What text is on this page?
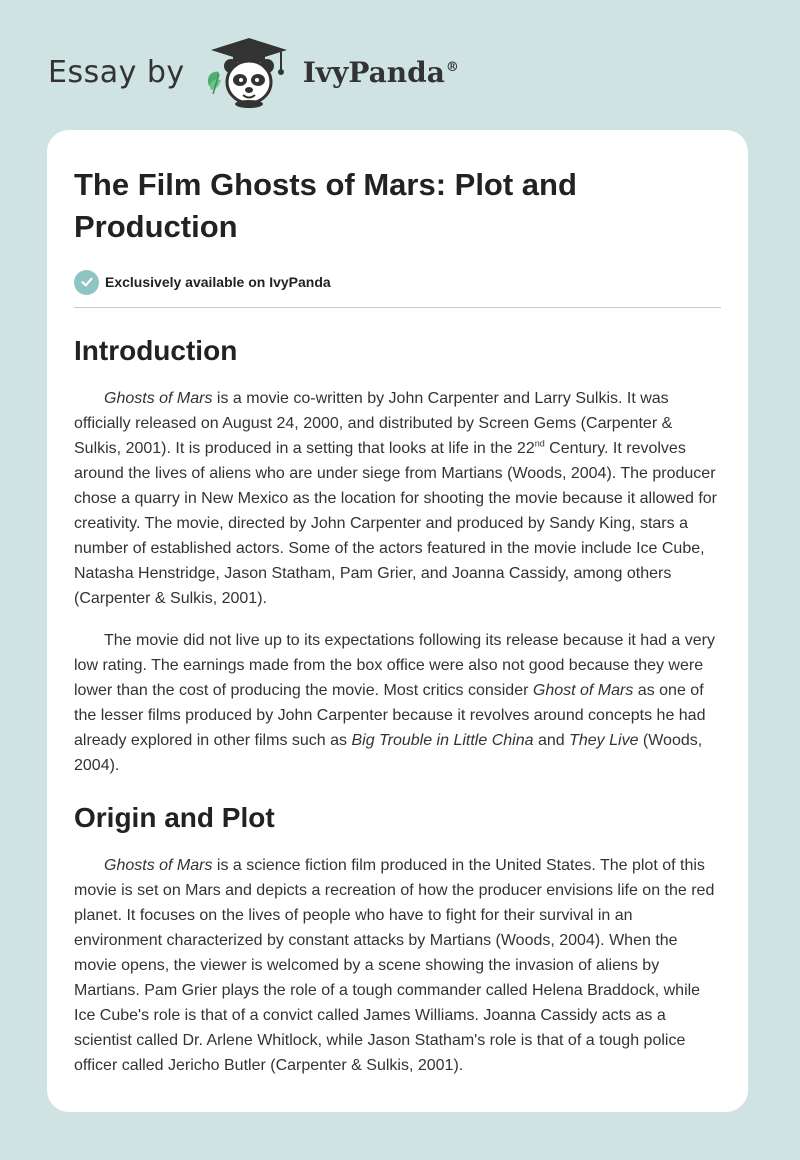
Essay by	IvyPanda®
The Film Ghosts of Mars: Plot and Production
Exclusively available on IvyPanda
Introduction

Ghosts of Mars is a movie co-written by John Carpenter and Larry Sulkis. It was officially released on August 24, 2000, and distributed by Screen Gems (Carpenter & Sulkis, 2001). It is produced in a setting that looks at life in the 22nd Century. It revolves around the lives of aliens who are under siege from Martians (Woods, 2004). The producer chose a quarry in New Mexico as the location for shooting the movie because it allowed for creativity. The movie, directed by John Carpenter and produced by Sandy King, stars a number of established actors. Some of the actors featured in the movie include Ice Cube, Natasha Henstridge, Jason Statham, Pam Grier, and Joanna Cassidy, among others (Carpenter & Sulkis, 2001).

The movie did not live up to its expectations following its release because it had a very low rating. The earnings made from the box office were also not good because they were lower than the cost of producing the movie. Most critics consider Ghost of Mars as one of the lesser films produced by John Carpenter because it revolves around concepts he had already explored in other films such as Big Trouble in Little China and They Live (Woods, 2004).

Origin and Plot

Ghosts of Mars is a science fiction film produced in the United States. The plot of this movie is set on Mars and depicts a recreation of how the producer envisions life on the red planet. It focuses on the lives of people who have to fight for their survival in an environment characterized by constant attacks by Martians (Woods, 2004). When the movie opens, the viewer is welcomed by a scene showing the invasion of aliens by Martians. Pam Grier plays the role of a tough commander called Helena Braddock, while Ice Cube's role is that of a convict called James Williams. Joanna Cassidy acts as a scientist called Dr. Arlene Whitlock, while Jason Statham's role is that of a tough police officer called Jericho Butler (Carpenter & Sulkis, 2001).
